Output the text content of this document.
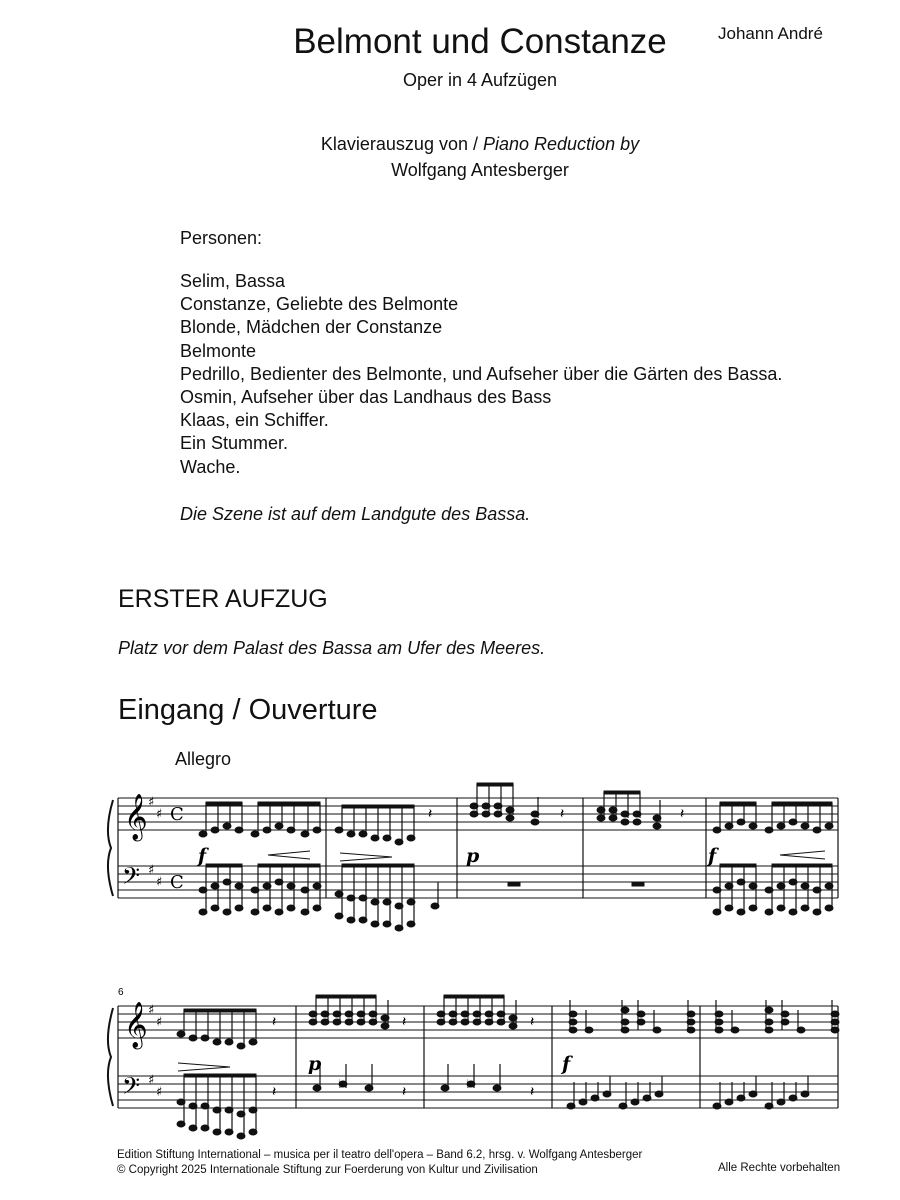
Belmont und Constanze	Johann André
Oper in 4 Aufzügen
Klavierauszug von / Piano Reduction by
Wolfgang Antesberger
Personen:
Selim, Bassa
Constanze, Geliebte des Belmonte
Blonde, Mädchen der Constanze
Belmonte
Pedrillo, Bedienter des Belmonte, und Aufseher über die Gärten des Bassa.
Osmin, Aufseher über das Landhaus des Bass
Klaas, ein Schiffer.
Ein Stummer.
Wache.
Die Szene ist auf dem Landgute des Bassa.
ERSTER AUFZUG
Platz vor dem Palast des Bassa am Ufer des Meeres.
Eingang / Ouverture
Allegro
𝄞
𝄢
♯
♯
♯
♯
C
C
𝄽	𝄽	𝄽
f	p	f
6
𝄞
𝄢
♯
♯
♯
♯
𝄽	𝄽	𝄽
p	f
♭	♭
𝄽	𝄽	𝄽
Edition Stiftung International – musica per il teatro dell'opera – Band 6.2, hrsg. v. Wolfgang Antesberger
© Copyright 2025 Internationale Stiftung zur Foerderung von Kultur und Zivilisation	Alle Rechte vorbehalten
